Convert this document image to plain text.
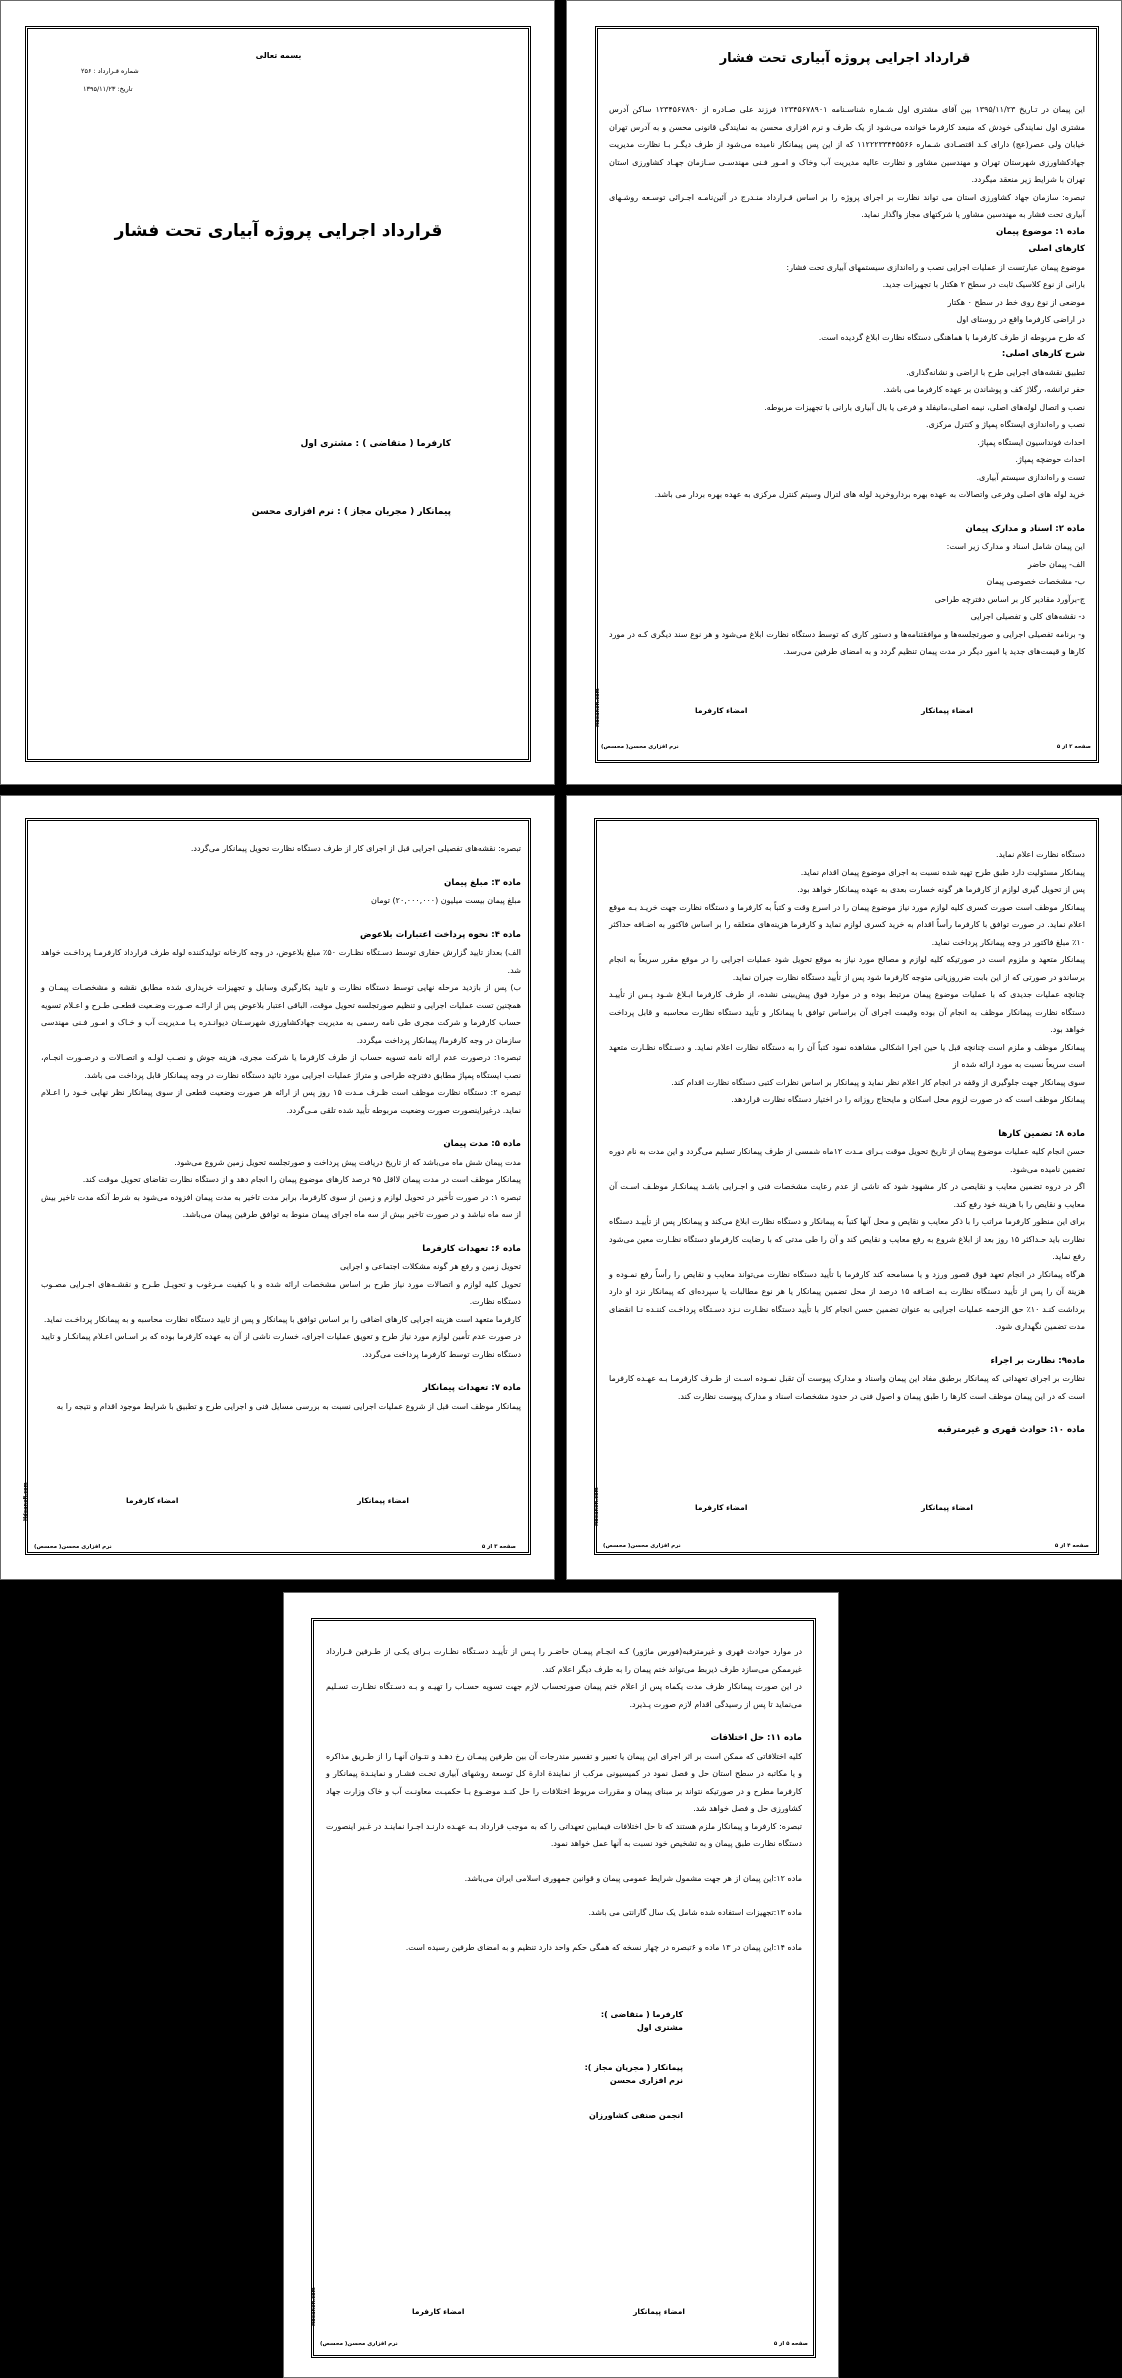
بسمه تعالی
شماره قـرارداد : ۲۵۶
تاریخ: ۱۳۹۵/۱۱/۲۳
قرارداد اجرایی پروژه آبیاری تحت فشار
کارفرما ( متقاضی ) : مشتری اول
پیمانکار ( مجریان مجاز ) : نرم افزاری محسن
قرارداد اجرایی پروژه آبیاری تحت فشار

این پیمان در تـاریخ ۱۳۹۵/۱۱/۲۳ بین آقای مشتری اول شـماره شناسـنامه ۱۲۳۴۵۶۷۸۹۰۱ فرزند علی صـادره از ۱۲۳۴۵۶۷۸۹۰ ساکن آدرس مشتری اول نمایندگی خودش که منبعد کارفرما خوانده می‌شود از یک طرف و نرم افزاری محسن به نمایندگی قانونی محسن و به آدرس تهران خیابان ولی عصر(عج) دارای کـد اقتصـادی شـماره ۱۱۲۲۲۳۳۴۴۵۵۶۶ که از این پس پیمانکار نامیده می‌شود از طرف دیگـر بـا نظارت مدیریت جهادکشاورزی شهرستان تهران و مهندسین مشاور و نظارت عالیه مدیریت آب وخاک و امـور فـنی مهندسـی سـازمان جهـاد کشاورزی استان تهران با شرایط زیر منعقد میگردد.

تبصره: سازمان جهاد کشاورزی استان می تواند نظارت بر اجرای پروژه را بر اساس قـرارداد منـدرج در آئین‌نامـه اجـرائی توسـعه روشـهای آبیاری تحت فشار به مهندسین مشاور یا شرکتهای مجاز واگذار نماید.

ماده ۱: موضوع پیمان

کارهای اصلی

موضوع پیمان عبارتست از عملیات اجرایی نصب و راه‌اندازی سیستمهای آبیاری تحت فشار:

بارانی از نوع کلاسیک ثابت در سطح ۲ هکتار با تجهیزات جدید.

موضعی از نوع روی خط در سطح ۰ هکتار

در اراضی کارفرما واقع در روستای اول

که طرح مربوطه از طرف کارفرما با هماهنگی دستگاه نظارت ابلاغ گردیده است.

شرح کارهای اصلی:

تطبیق نقشه‌های اجرایی طرح با اراضی و نشانه‌گذاری.

حفر ترانشه، رگلاژ کف و پوشاندن بر عهده کارفرما می باشد.

نصب و اتصال لوله‌های اصلی، نیمه اصلی،مانیفلد و فرعی یا بال آبیاری بارانی با تجهیزات مربوطه.

نصب و راه‌اندازی ایستگاه پمپاژ و کنترل مرکزی.

احداث فونداسیون ایستگاه پمپاژ.

احداث حوضچه پمپاژ.

تست و راه‌اندازی سیستم آبیاری.

خرید لوله های اصلی وفرعی واتصالات به عهده بهره برداروخرید لوله های لترال وسیتم کنترل مرکزی به عهده بهره بردار می باشد.

ماده ۲: اسناد و مدارک پیمان

این پیمان شامل اسناد و مدارک زیر است:

الف- پیمان حاضر

ب- مشخصات خصوصی پیمان

ج-برآورد مقادیر کار بر اساس دفترچه طراحی

د- نقشه‌های کلی و تفصیلی اجرایی

و- برنامه تفصیلی اجرایی و صورتجلسه‌ها و موافقتنامه‌ها و دستور کاری که توسط دستگاه نظارت ابلاغ می‌شود و هر نوع سند دیگری کـه در مورد کارها و قیمت‌های جدید یا امور دیگر در مدت پیمان تنظیم گردد و به امضای طرفین می‌رسد.

امضاء پیمانکار
امضاء کارفرما
صفحه ۲ از ۵
نرم افزاری محسن( محسص)
Hdeanefi.com

تبصره: نقشه‌های تفصیلی اجرایی قبل از اجرای کار از طرف دستگاه نظارت تحویل پیمانکار می‌گردد.

ماده ۳: مبلغ پیمان

مبلغ پیمان بیست میلیون (۲۰,۰۰۰,۰۰۰) تومان

ماده ۴: نحوه پرداخت اعتبارات بلاعوض

الف) بعداز تایید گزارش حفاری توسط دسـتگاه نظـارت ۵۰٪ مبلغ بلاعوض، در وجه کارخانه تولیدکننده لوله طرف قرارداد کارفرمـا پرداخـت خواهد شد.

ب) پس از بازدید مرحله نهایی توسط دستگاه نظارت و تایید بکارگیری وسایل و تجهیزات خریداری شده مطابق نقشه و مشخصـات پیمـان و همچنین تست عملیات اجرایی و تنظیم صورتجلسه تحویل موقت، الباقی اعتبار بلاعوض پس از ارائـه صـورت وضـعیت قطعـی طـرح و اعـلام تسویه حساب کارفرما و شرکت مجری طی نامه رسمی به مدیریت جهادکشاورزی شهرسـتان دیوانـدره یـا مـدیریت آب و خـاک و امـور فـنی مهندسی سازمان در وجه کارفرما/ پیمانکار پرداخت میگردد.

تبصره۱: درصورت عدم ارائه نامه تسویه حساب از طرف کارفرما یا شرکت مجری، هزینه جوش و نصـب لولـه و اتصـالات و درصـورت انجـام، نصب ایستگاه پمپاژ مطابق دفترچه طراحی و متراژ عملیات اجرایی مورد تائید دستگاه نظارت در وجه پیمانکار قابل پرداخت می باشد.

تبصره ۲: دستگاه نظارت موظف است ظـرف مـدت ۱۵ روز پس از ارائه هر صورت وضعیت قطعی از سوی پیمانکار نظر نهایی خـود را اعـلام نماید. درغیراینصورت صورت وضعیت مربوطه تأیید شده تلقی مـی‌گردد.

ماده ۵: مدت پیمان

مدت پیمان شش ماه می‌باشد که از تاریخ دریافت پیش پرداخت و صورتجلسه تحویل زمین شروع می‌شود.

پیمانکار موظف است در مدت پیمان لااقل ۹۵ درصد کارهای موضوع پیمان را انجام دهد و از دستگاه نظارت تقاضای تحویل موقت کند.

تبصره ۱: در صورت تأخیر در تحویل لوازم و زمین از سوی کارفرما، برابر مدت تاخیر به مدت پیمان افزوده می‌شود به شرط آنکه مدت تاخیر بیش از سه ماه نباشد و در صورت تاخیر بیش از سه ماه اجرای پیمان منوط به توافق طرفین پیمان می‌باشد.

ماده ۶: تعهدات کارفرما

تحویل زمین و رفع هر گونه مشکلات اجتماعی و اجرایی

تحویل کلیه لوازم و اتصالات مورد نیاز طرح بر اساس مشخصات ارائه شده و با کیفیت مـرغوب و تحویـل طـرح و نقشـه‌های اجـرایی مصـوب دستگاه نظارت.

کارفرما متعهد است هزینه اجرایی کارهای اضافی را بر اساس توافق با پیمانکار و پس از تایید دستگاه نظارت محاسبه و به پیمانکار پرداخـت نماید.

در صورت عدم تأمین لوازم مورد نیاز طرح و تعویق عملیات اجرای، خسارت ناشی از آن به عهده کارفرما بوده که بر اسـاس اعـلام پیمانکـار و تایید دستگاه نظارت توسط کارفرما پرداخت می‌گردد.

ماده ۷: تعهدات پیمانکار

پیمانکار موظف است قبل از شروع عملیات اجرایی نسبت به بررسی مسایل فنی و اجرایی طرح و تطبیق با شرایط موجود اقدام و نتیجه را به

امضاء پیمانکار
امضاء کارفرما
صفحه ۳ از ۵
نرم افزاری محسن( محسص)
Hdeanefi.com

دستگاه نظارت اعلام نماید.

پیمانکار مسئولیت دارد طبق طرح تهیه شده نسبت به اجرای موضوع پیمان اقدام نماید.

پس از تحویل گیری لوازم از کارفرما هر گونه خسارت بعدی به عهده پیمانکار خواهد بود.

پیمانکار موظف است صورت کسری کلیه لوازم مورد نیاز موضوع پیمان را در اسرع وقت و کتباً به کارفرما و دستگاه نظارت جهت خریـد بـه موقع اعلام نماید. در صورت توافق با کارفرما رأساً اقدام به خرید کسری لوازم نماید و کارفرما هزینه‌های متعلقه را بر اساس فاکتور به اضـافه حداکثر ۱۰٪ مبلغ فاکتور در وجه پیمانکار پرداخت نماید.

پیمانکار متعهد و ملزوم است در صورتیکه کلیه لوازم و مصالح مورد نیاز به موقع تحویل شود عملیات اجرایی را در موقع مقرر سریعاً به انجام برساندو در صورتی که از این بابت ضرروزیانی متوجه کارفرما شود پس از تأیید دستگاه نظارت جبران نماید.

چنانچه عملیات جدیدی که با عملیات موضوع پیمان مرتبط بوده و در موارد فوق پیش‌بینی نشده، از طرف کارفرما ابـلاغ شـود پـس از تأییـد دستگاه نظارت پیمانکار موظف به انجام آن بوده وقیمت اجرای آن براساس توافق با پیمانکار و تأیید دستگاه نظارت محاسبه و قابل پرداخت خواهد بود.

پیمانکار موظف و ملزم است چنانچه قبل یا حین اجرا اشکالی مشاهده نمود کتباً آن را به دستگاه نظارت اعلام نماید. و دسـتگاه نظـارت متعهد است سریعاً نسبت به مورد ارائه شده از

سوی پیمانکار جهت جلوگیری از وقفه در انجام کار اعلام نظر نماید و پیمانکار بر اساس نظرات کتبی دستگاه نظارت اقدام کند.

پیمانکار موظف است که در صورت لزوم محل اسکان و مایحتاج روزانه را در اختیار دستگاه نظارت قراردهد.

ماده ۸: تضمین کارها

حسن انجام کلیه عملیات موضوع پیمان از تاریخ تحویل موقت بـرای مـدت ۱۲ماه شمسی از طرف پیمانکار تسلیم می‌گردد و این مدت به نام دوره تضمین نامیده می‌شود.

اگر در دروه تضمین معایب و نقایصی در کار مشهود شود که ناشی از عدم رعایت مشخصات فنی و اجـرایی باشـد پیمانکـار موظـف اسـت آن معایب و نقایص را با هزینة خود رفع کند.

برای این منظور کارفرما مراتب را با ذکر معایب و نقایص و محل آنها کتباً به پیمانکار و دستگاه نظارت ابلاغ می‌کند و پیمانکار پس از تأییـد دستگاه نظارت باید حـداکثر ۱۵ روز بعد از ابلاغ شروع به رفع معایب و نقایص کند و آن را طی مدتی که با رضایت کارفرماو دستگاه نظـارت معین می‌شود رفع نماید.

هرگاه پیمانکار در انجام تعهد فوق قصور ورزد و یا مسامحه کند کارفرما با تأیید دستگاه نظارت می‌تواند معایب و نقایص را رأساً رفع نمـوده و هزینة آن را پس از تأیید دستگاه نظارت بـه اضـافه ۱۵ درصد از محل تضمین پیمانکار یا هر نوع مطالبات یا سپرده‌ای که پیمانکار نزد او دارد برداشت کنـد ۱۰٪ حق الزحمه عملیات اجرایی به عنوان تضمین حسن انجام کار با تأیید دستگاه نظـارت نـزد دسـتگاه پرداخـت کننـده تـا انقضای مدت تضمین نگهداری شود.

ماده۹: نظارت بر اجراء

نظارت بر اجرای تعهداتی که پیمانکار برطبق مفاد این پیمان واسناد و مدارک پیوست آن تقبل نمـوده اسـت از طـرف کارفرمـا بـه عهـده کارفرما است که در این پیمان موظف است کارها را طبق پیمان و اصول فنی در حدود مشخصات اسناد و مدارک پیوست نظارت کند.

ماده ۱۰: حوادث قهری و غیرمترقبه

امضاء پیمانکار
امضاء کارفرما
صفحه ۴ از ۵
نرم افزاری محسن( محسص)
Hdeanefi.com

در موارد حوادث قهری و غیرمترقبه(فورس ماژور) کـه انجـام پیمـان حاضـر را پـس از تأییـد دسـتگاه نظـارت بـرای یکـی از طـرفین قـرارداد غیرممکن می‌سازد طرف ذیربط می‌تواند ختم پیمان را به طرف دیگر اعلام کند.

در این صورت پیمانکار ظرف مدت یکماه پس از اعلام ختم پیمان صورتحساب لازم جهت تسویه حسـاب را تهیـه و بـه دسـتگاه نظـارت تسـلیم می‌نماید تا پس از رسیدگی اقدام لازم صورت پـذیرد.

ماده ۱۱: حل اختلافات

کلیه اختلافاتی که ممکن است بر اثر اجرای این پیمان یا تعبیر و تفسیر مندرجات آن بین طرفین پیمـان رخ دهـد و نتـوان آنهـا را از طـریق مذاکره و یا مکاتبه در سطح استان حل و فصل نمود در کمیسیونی مرکب از نمایندة ادارة کل توسعة روشهای آبیاری تحـت فشـار و نماینـدة پیمانکار و کارفرما مطرح و در صورتیکه نتواند بر مبنای پیمان و مقررات مربوط اختلافات را حل کنـد موضـوع بـا حکمیـت معاونـت آب و خاک وزارت جهاد کشاورزی حل و فصل خواهد شد.

تبصره: کارفرما و پیمانکار ملزم هستند که تا حل اختلافات فیمابین تعهداتی را که به موجب قرارداد بـه عهـده دارنـد اجـرا نماینـد در غـیر اینصورت دستگاه نظارت طبق پیمان و به تشخیص خود نسبت به آنها عمل خواهد نمود.

ماده ۱۲:این پیمان از هر جهت مشمول شرایط عمومی پیمان و قوانین جمهوری اسلامی ایران می‌باشد.

ماده ۱۳:تجهیزات استفاده شده شامل یک سال گارانتی می باشد.

ماده ۱۴:این پیمان در ۱۳ ماده و ۶تبصره در چهار نسخه که همگی حکم واحد دارد تنظیم و به امضای طرفین رسیده است.

کارفرما ( متقاضی ):
مشتری اول
پیمانکار ( مجریان مجاز ):
نرم افزاری محسن
انجمن صنفی کشاورزان
امضاء پیمانکار
امضاء کارفرما
صفحه ۵ از ۵
نرم افزاری محسن( محسص)
Hdeanefi.com
